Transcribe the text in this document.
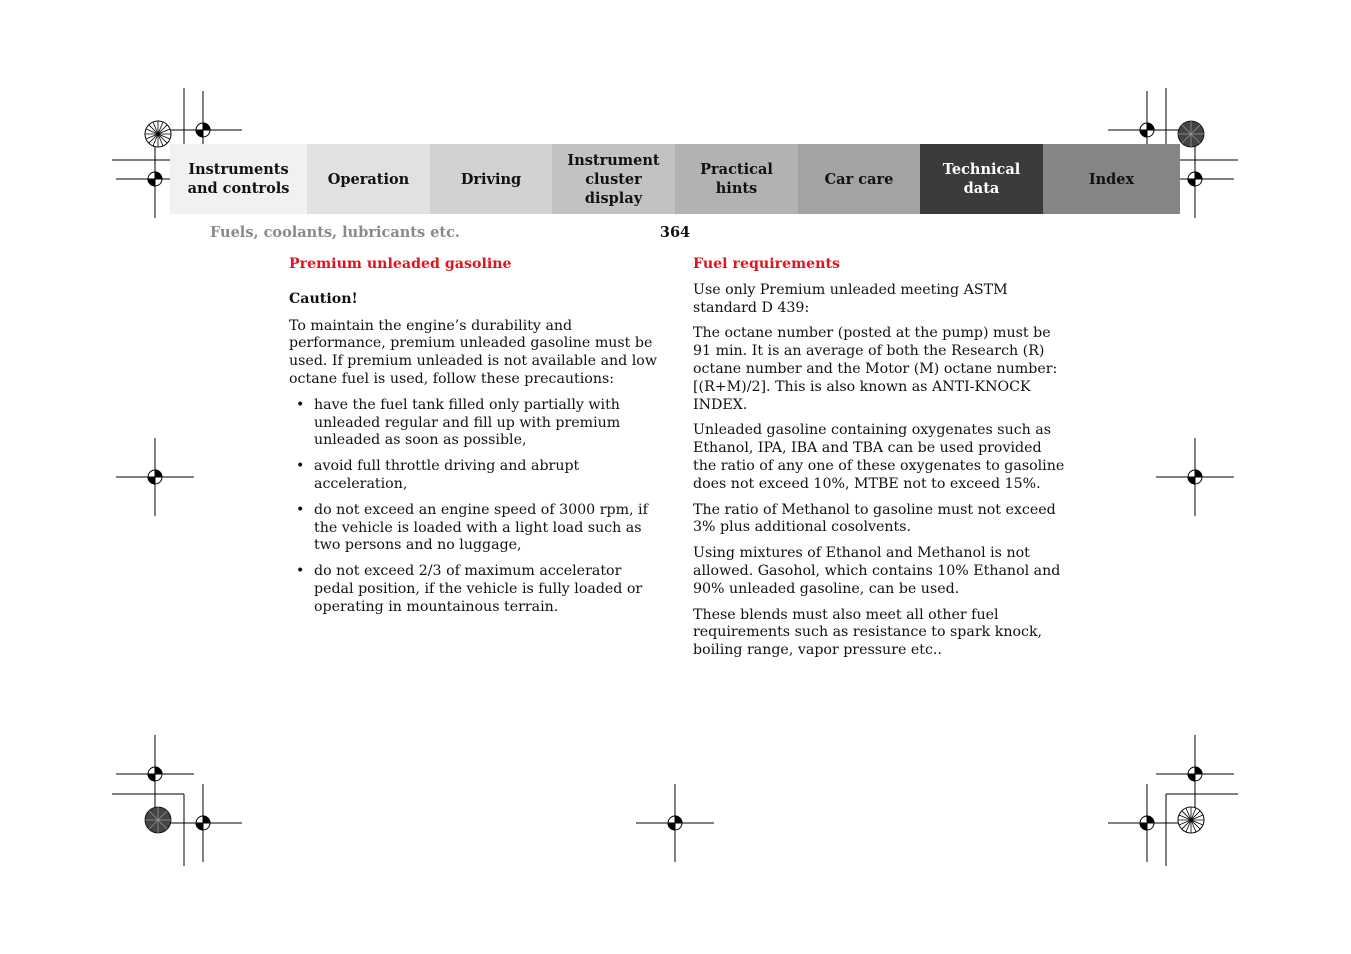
Instruments
and controls
Operation	Driving
Instrument
cluster display
Practical hints
Car care
Technical
data
Index
Fuels, coolants, lubricants etc.	364
Premium unleaded gasoline
Caution!

To maintain the engine’s durability and performance, premium unleaded gasoline must be used. If premium unleaded is not available and low octane fuel is used, follow these precautions:

• have the fuel tank filled only partially with unleaded regular and fill up with premium unleaded as soon as possible,
• avoid full throttle driving and abrupt acceleration,
• do not exceed an engine speed of 3000 rpm, if the vehicle is loaded with a light load such as two persons and no luggage,
• do not exceed 2/3 of maximum accelerator pedal position, if the vehicle is fully loaded or operating in mountainous terrain.
Fuel requirements

Use only Premium unleaded meeting ASTM standard D 439:

The octane number (posted at the pump) must be 91 min. It is an average of both the Research (R) octane number and the Motor (M) octane number: [(R+M)/2]. This is also known as ANTI-KNOCK INDEX.

Unleaded gasoline containing oxygenates such as Ethanol, IPA, IBA and TBA can be used provided the ratio of any one of these oxygenates to gasoline does not exceed 10%, MTBE not to exceed 15%.

The ratio of Methanol to gasoline must not exceed 3% plus additional cosolvents.

Using mixtures of Ethanol and Methanol is not allowed. Gasohol, which contains 10% Ethanol and 90% unleaded gasoline, can be used.

These blends must also meet all other fuel requirements such as resistance to spark knock, boiling range, vapor pressure etc..
